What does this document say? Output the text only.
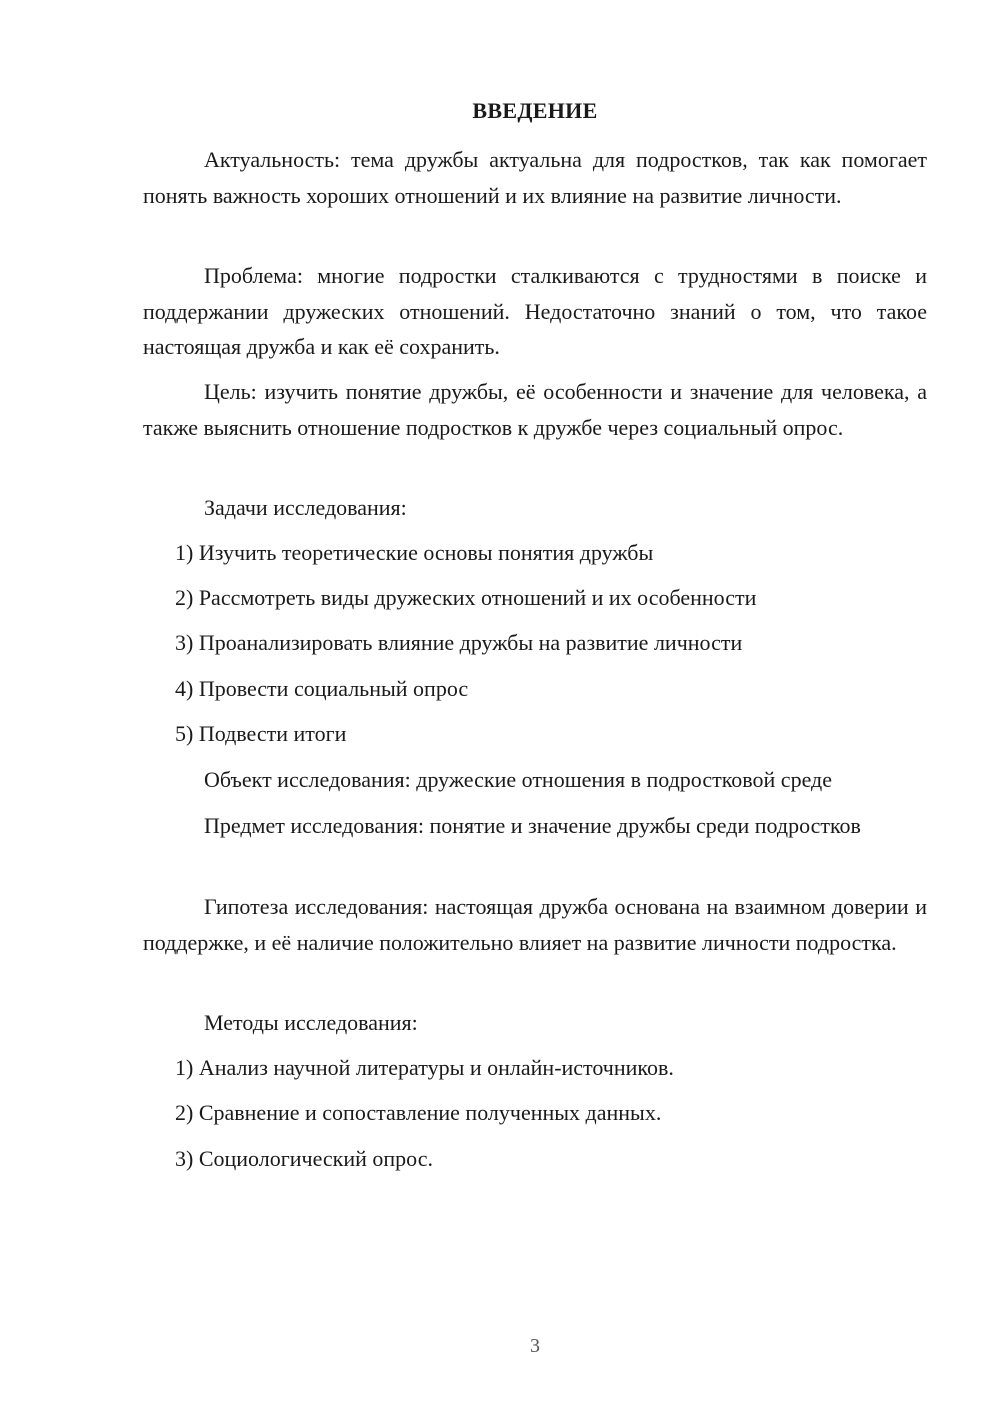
ВВЕДЕНИЕ

Актуальность: тема дружбы актуальна для подростков, так как помогает понять важность хороших отношений и их влияние на развитие личности.

Проблема: многие подростки сталкиваются с трудностями в поиске и поддержании дружеских отношений. Недостаточно знаний о том, что такое настоящая дружба и как её сохранить.

Цель: изучить понятие дружбы, её особенности и значение для человека, а также выяснить отношение подростков к дружбе через социальный опрос.

Задачи исследования:

1) Изучить теоретические основы понятия дружбы
2) Рассмотреть виды дружеских отношений и их особенности
3) Проанализировать влияние дружбы на развитие личности
4) Провести социальный опрос
5) Подвести итоги

Объект исследования: дружеские отношения в подростковой среде

Предмет исследования: понятие и значение дружбы среди подростков

Гипотеза исследования: настоящая дружба основана на взаимном доверии и поддержке, и её наличие положительно влияет на развитие личности подростка.

Методы исследования:

1) Анализ научной литературы и онлайн-источников.
2) Сравнение и сопоставление полученных данных.
3) Социологический опрос.
3
